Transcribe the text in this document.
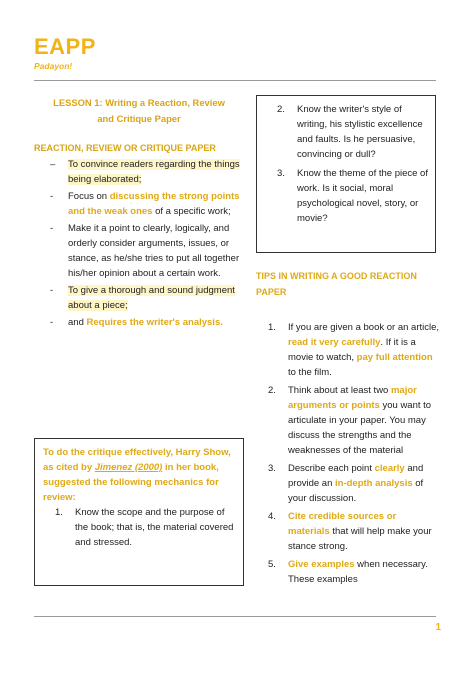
EAPP
Padayon!
LESSON 1: Writing a Reaction, Review
and Critique Paper
REACTION, REVIEW OR CRITIQUE PAPER
– To convince readers regarding the things being elaborated;
- Focus on discussing the strong points and the weak ones of a specific work;
- Make it a point to clearly, logically, and orderly consider arguments, issues, or stance, as he/she tries to put all together his/her opinion about a certain work.
- To give a thorough and sound judgment about a piece;
- and Requires the writer's analysis.
To do the critique effectively, Harry Show, as cited by Jimenez (2000) in her book, suggested the following mechanics for review:
1. Know the scope and the purpose of the book; that is, the material covered and stressed.
2. Know the writer's style of writing, his stylistic excellence and faults. Is he persuasive, convincing or dull?
3. Know the theme of the piece of work. Is it social, moral psychological novel, story, or movie?
TIPS IN WRITING A GOOD REACTION PAPER
1. If you are given a book or an article, read it very carefully. If it is a movie to watch, pay full attention to the film.
2. Think about at least two major arguments or points you want to articulate in your paper. You may discuss the strengths and the weaknesses of the material
3. Describe each point clearly and provide an in-depth analysis of your discussion.
4. Cite credible sources or materials that will help make your stance strong.
5. Give examples when necessary. These examples
1
